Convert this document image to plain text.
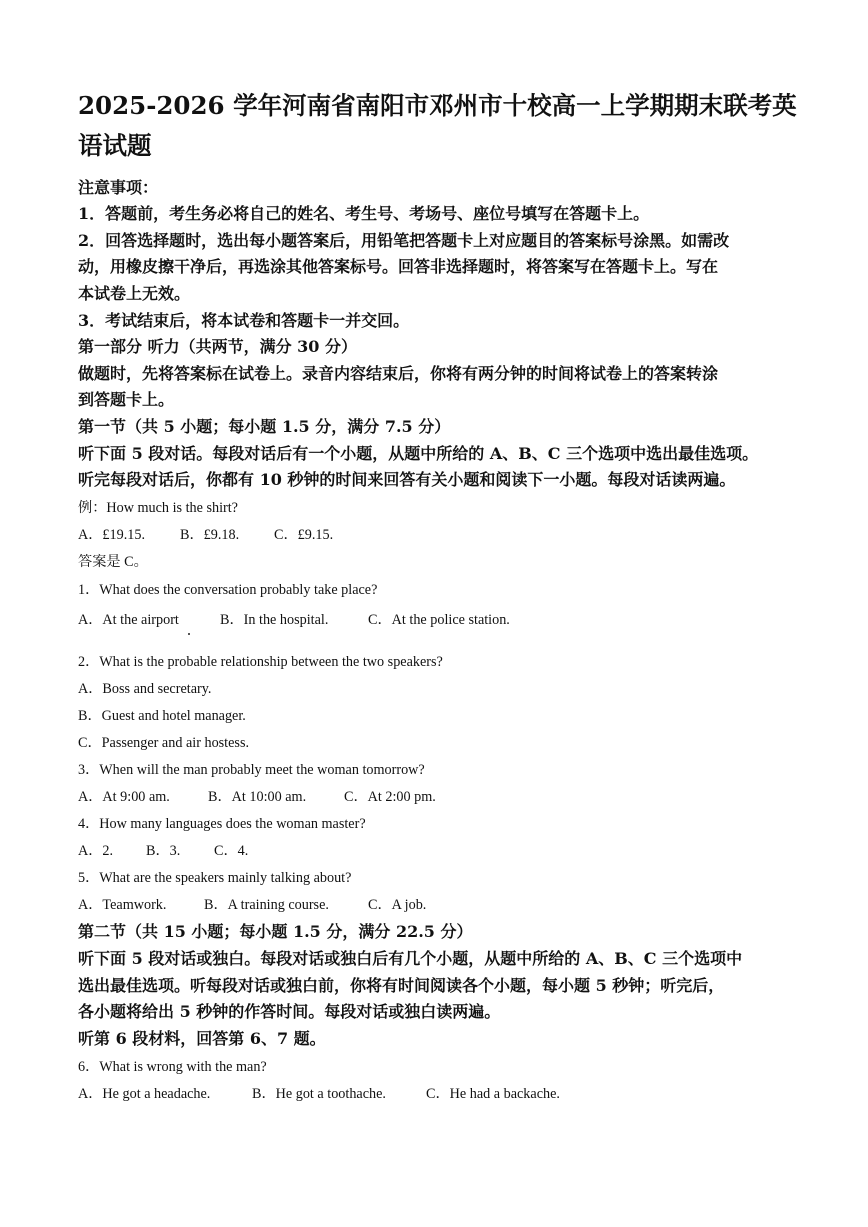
2025-2026 学年河南省南阳市邓州市十校高一上学期期末联考英语试题
注意事项：
1．答题前，考生务必将自己的姓名、考生号、考场号、座位号填写在答题卡上。
2．回答选择题时，选出每小题答案后，用铅笔把答题卡上对应题目的答案标号涂黑。如需改
动，用橡皮擦干净后，再选涂其他答案标号。回答非选择题时，将答案写在答题卡上。写在
本试卷上无效。
3．考试结束后，将本试卷和答题卡一并交回。
第一部分 听力（共两节，满分 30 分）
做题时，先将答案标在试卷上。录音内容结束后，你将有两分钟的时间将试卷上的答案转涂
到答题卡上。
第一节（共 5 小题；每小题 1.5 分，满分 7.5 分）
听下面 5 段对话。每段对话后有一个小题，从题中所给的 A、B、C 三个选项中选出最佳选项。
听完每段对话后，你都有 10 秒钟的时间来回答有关小题和阅读下一小题。每段对话读两遍。
例：How much is the shirt?
A．£19.15. B．£9.18. C．£9.15.
答案是 C。
1．What does the conversation probably take place?
A．At the airport	B．In the hospital.	C．At the police station.
2．What is the probable relationship between the two speakers?
A．Boss and secretary.
B．Guest and hotel manager.
C．Passenger and air hostess.
3．When will the man probably meet the woman tomorrow?
A．At 9:00 am.	B．At 10:00 am.	C．At 2:00 pm.
4．How many languages does the woman master?
A．2. B．3. C．4.
5．What are the speakers mainly talking about?
A．Teamwork.	B．A training course.	C．A job.
第二节（共 15 小题；每小题 1.5 分，满分 22.5 分）
听下面 5 段对话或独白。每段对话或独白后有几个小题，从题中所给的 A、B、C 三个选项中
选出最佳选项。听每段对话或独白前，你将有时间阅读各个小题，每小题 5 秒钟；听完后，
各小题将给出 5 秒钟的作答时间。每段对话或独白读两遍。
听第 6 段材料，回答第 6、7 题。
6．What is wrong with the man?
A．He got a headache.	B．He got a toothache.	C．He had a backache.
